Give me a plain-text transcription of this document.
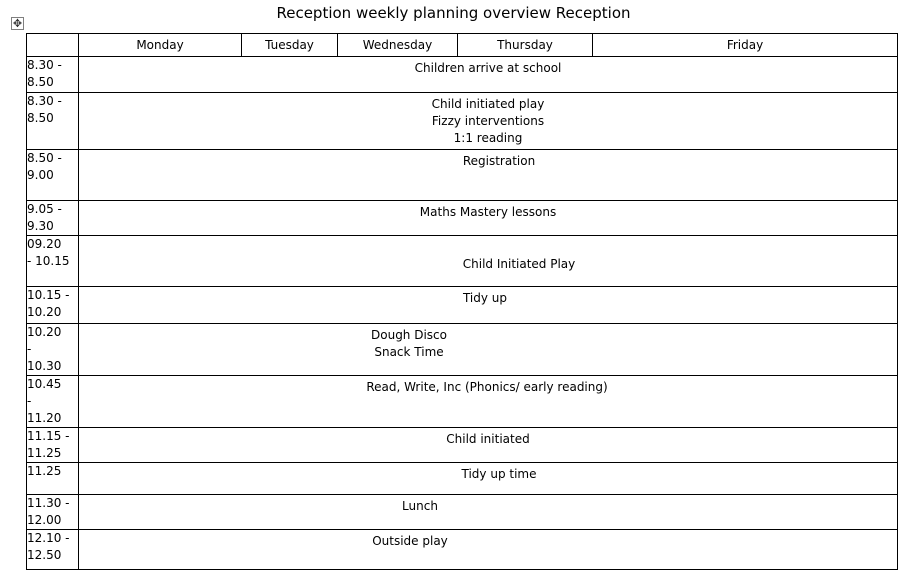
✥
Reception weekly planning overview Reception
	Monday	Tuesday	Wednesday	Thursday	Friday
8.30 -
8.50	Children arrive at school				

8.30 -
8.50	Child initiated play
Fizzy interventions
1:1 reading				

8.50 -
9.00	Registration				

9.05 -
9.30	Maths Mastery lessons				

09.20
- 10.15	Child Initiated Play				

10.15 -
10.20	Tidy up				

10.20
-
10.30	Dough Disco
Snack Time				

10.45
-
11.20	Read, Write, Inc (Phonics/ early reading)				

11.15 -
11.25	Child initiated				

11.25	Tidy up time				

11.30 -
12.00	Lunch				

12.10 -
12.50	Outside play				
